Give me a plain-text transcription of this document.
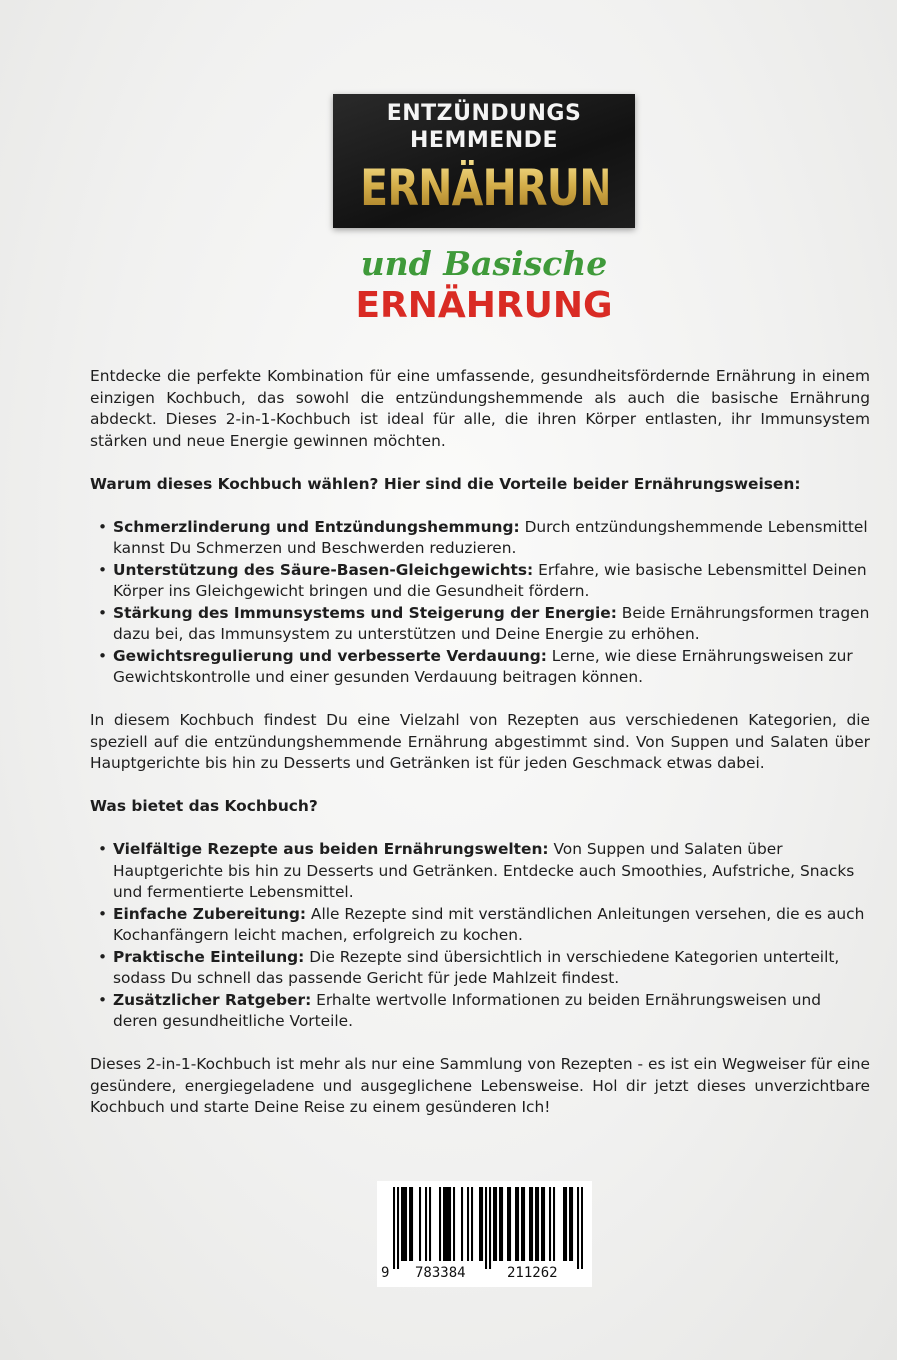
ENTZÜNDUNGS
HEMMENDE
ERNÄHRUNG
und Basische
ERNÄHRUNG

Entdecke die perfekte Kombination für eine umfassende, gesundheitsfördernde Ernährung in einem einzigen Kochbuch, das sowohl die entzündungshemmende als auch die basische Ernährung abdeckt. Dieses 2-in-1-Kochbuch ist ideal für alle, die ihren Körper entlasten, ihr Immunsystem stärken und neue Energie gewinnen möchten.

Warum dieses Kochbuch wählen? Hier sind die Vorteile beider Ernährungsweisen:

• Schmerzlinderung und Entzündungshemmung: Durch entzündungshemmende Lebensmittel kannst Du Schmerzen und Beschwerden reduzieren.
• Unterstützung des Säure-Basen-Gleichgewichts: Erfahre, wie basische Lebensmittel Deinen Körper ins Gleichgewicht bringen und die Gesundheit fördern.
• Stärkung des Immunsystems und Steigerung der Energie: Beide Ernährungsformen tragen dazu bei, das Immunsystem zu unterstützen und Deine Energie zu erhöhen.
• Gewichtsregulierung und verbesserte Verdauung: Lerne, wie diese Ernährungsweisen zur Gewichtskontrolle und einer gesunden Verdauung beitragen können.

In diesem Kochbuch findest Du eine Vielzahl von Rezepten aus verschiedenen Kategorien, die speziell auf die entzündungshemmende Ernährung abgestimmt sind. Von Suppen und Salaten über Hauptgerichte bis hin zu Desserts und Getränken ist für jeden Geschmack etwas dabei.

Was bietet das Kochbuch?

• Vielfältige Rezepte aus beiden Ernährungswelten: Von Suppen und Salaten über Hauptgerichte bis hin zu Desserts und Getränken. Entdecke auch Smoothies, Aufstriche, Snacks und fermentierte Lebensmittel.
• Einfache Zubereitung: Alle Rezepte sind mit verständlichen Anleitungen versehen, die es auch Kochanfängern leicht machen, erfolgreich zu kochen.
• Praktische Einteilung: Die Rezepte sind übersichtlich in verschiedene Kategorien unterteilt, sodass Du schnell das passende Gericht für jede Mahlzeit findest.
• Zusätzlicher Ratgeber: Erhalte wertvolle Informationen zu beiden Ernährungsweisen und deren gesundheitliche Vorteile.

Dieses 2-in-1-Kochbuch ist mehr als nur eine Sammlung von Rezepten - es ist ein Wegweiser für eine gesündere, energiegeladene und ausgeglichene Lebensweise. Hol dir jetzt dieses unverzichtbare Kochbuch und starte Deine Reise zu einem gesünderen Ich!

9 783384	211262
